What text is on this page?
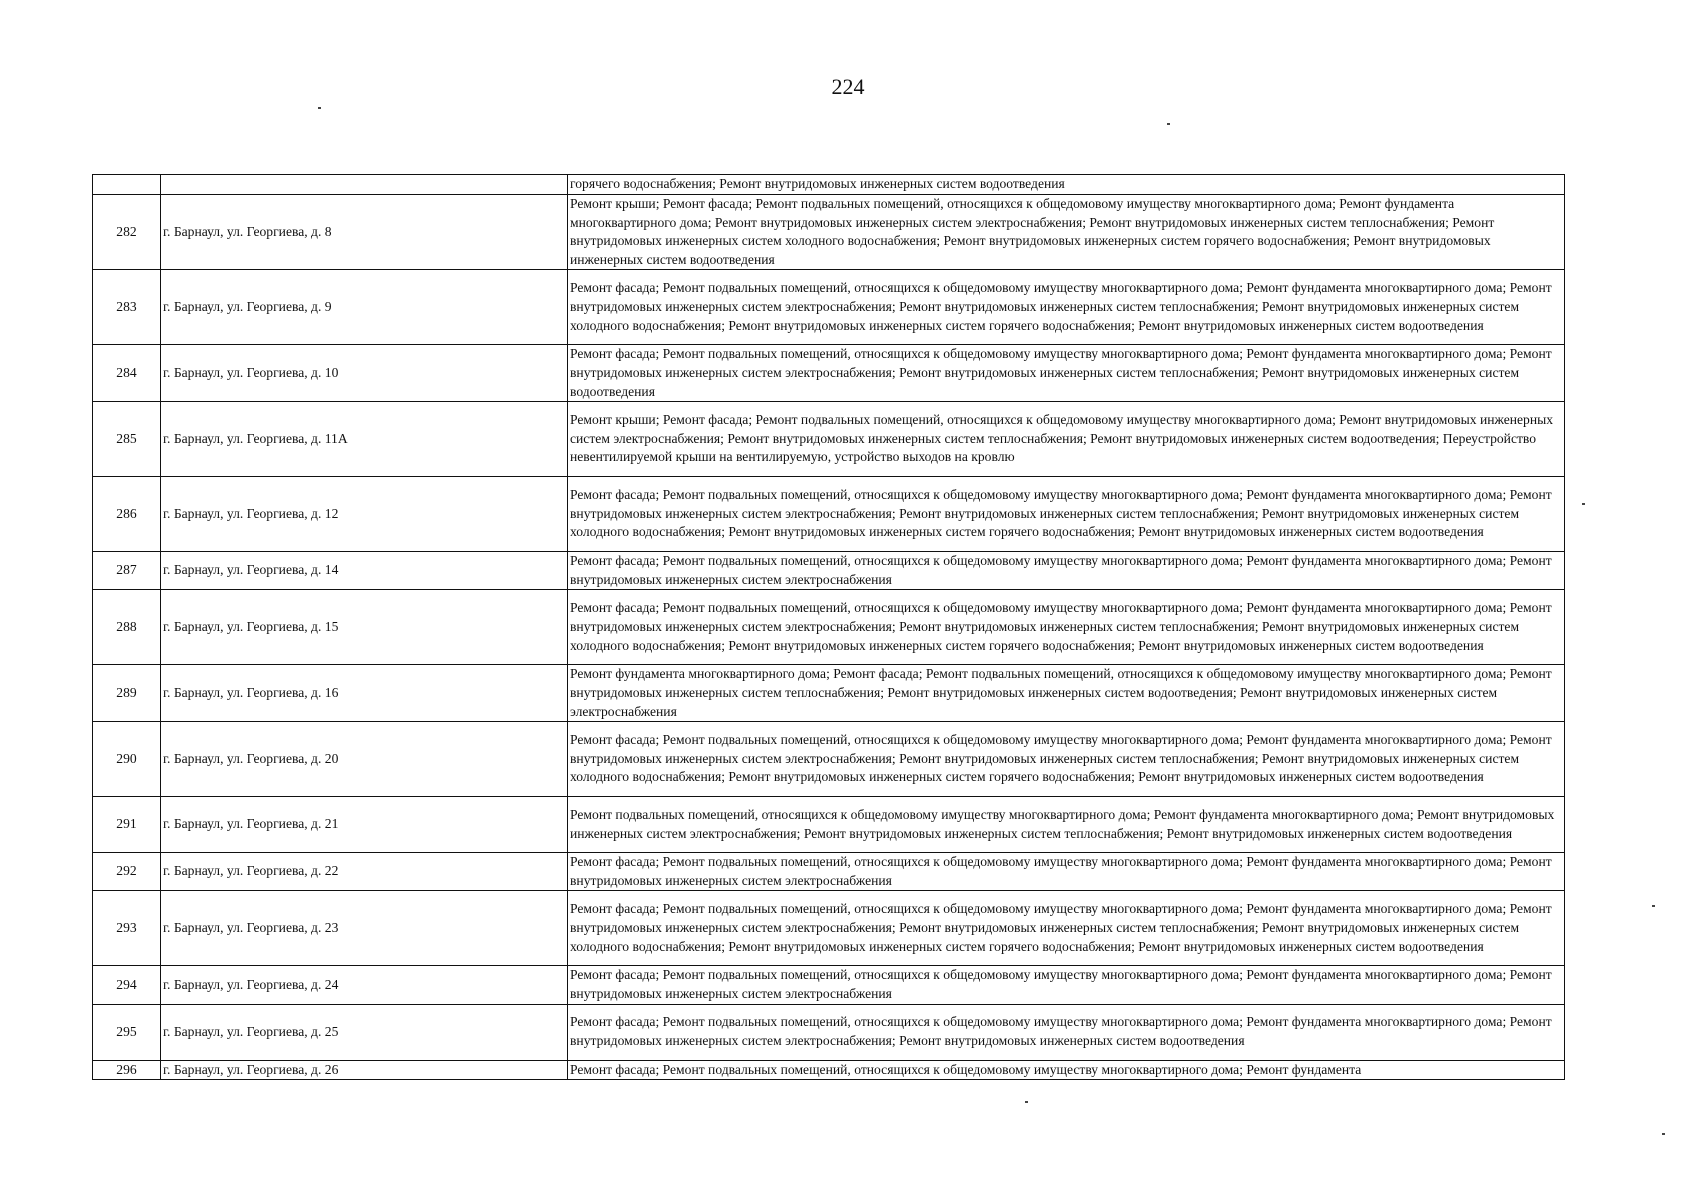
224
		горячего водоснабжения; Ремонт внутридомовых инженерных систем водоотведения
282	г. Барнаул, ул. Георгиева, д. 8	Ремонт крыши; Ремонт фасада; Ремонт подвальных помещений, относящихся к общедомовому имуществу многоквартирного дома; Ремонт фундамента многоквартирного дома; Ремонт внутридомовых инженерных систем электроснабжения; Ремонт внутридомовых инженерных систем теплоснабжения; Ремонт внутридомовых инженерных систем холодного водоснабжения; Ремонт внутридомовых инженерных систем горячего водоснабжения; Ремонт внутридомовых инженерных систем водоотведения
283	г. Барнаул, ул. Георгиева, д. 9	Ремонт фасада; Ремонт подвальных помещений, относящихся к общедомовому имуществу многоквартирного дома; Ремонт фундамента многоквартирного дома; Ремонт внутридомовых инженерных систем электроснабжения; Ремонт внутридомовых инженерных систем теплоснабжения; Ремонт внутридомовых инженерных систем холодного водоснабжения; Ремонт внутридомовых инженерных систем горячего водоснабжения; Ремонт внутридомовых инженерных систем водоотведения
284	г. Барнаул, ул. Георгиева, д. 10	Ремонт фасада; Ремонт подвальных помещений, относящихся к общедомовому имуществу многоквартирного дома; Ремонт фундамента многоквартирного дома; Ремонт внутридомовых инженерных систем электроснабжения; Ремонт внутридомовых инженерных систем теплоснабжения; Ремонт внутридомовых инженерных систем водоотведения
285	г. Барнаул, ул. Георгиева, д. 11А	Ремонт крыши; Ремонт фасада; Ремонт подвальных помещений, относящихся к общедомовому имуществу многоквартирного дома; Ремонт внутридомовых инженерных систем электроснабжения; Ремонт внутридомовых инженерных систем теплоснабжения; Ремонт внутридомовых инженерных систем водоотведения; Переустройство невентилируемой крыши на вентилируемую, устройство выходов на кровлю
286	г. Барнаул, ул. Георгиева, д. 12	Ремонт фасада; Ремонт подвальных помещений, относящихся к общедомовому имуществу многоквартирного дома; Ремонт фундамента многоквартирного дома; Ремонт внутридомовых инженерных систем электроснабжения; Ремонт внутридомовых инженерных систем теплоснабжения; Ремонт внутридомовых инженерных систем холодного водоснабжения; Ремонт внутридомовых инженерных систем горячего водоснабжения; Ремонт внутридомовых инженерных систем водоотведения
287	г. Барнаул, ул. Георгиева, д. 14	Ремонт фасада; Ремонт подвальных помещений, относящихся к общедомовому имуществу многоквартирного дома; Ремонт фундамента многоквартирного дома; Ремонт внутридомовых инженерных систем электроснабжения
288	г. Барнаул, ул. Георгиева, д. 15	Ремонт фасада; Ремонт подвальных помещений, относящихся к общедомовому имуществу многоквартирного дома; Ремонт фундамента многоквартирного дома; Ремонт внутридомовых инженерных систем электроснабжения; Ремонт внутридомовых инженерных систем теплоснабжения; Ремонт внутридомовых инженерных систем холодного водоснабжения; Ремонт внутридомовых инженерных систем горячего водоснабжения; Ремонт внутридомовых инженерных систем водоотведения
289	г. Барнаул, ул. Георгиева, д. 16	Ремонт фундамента многоквартирного дома; Ремонт фасада; Ремонт подвальных помещений, относящихся к общедомовому имуществу многоквартирного дома; Ремонт внутридомовых инженерных систем теплоснабжения; Ремонт внутридомовых инженерных систем водоотведения; Ремонт внутридомовых инженерных систем электроснабжения
290	г. Барнаул, ул. Георгиева, д. 20	Ремонт фасада; Ремонт подвальных помещений, относящихся к общедомовому имуществу многоквартирного дома; Ремонт фундамента многоквартирного дома; Ремонт внутридомовых инженерных систем электроснабжения; Ремонт внутридомовых инженерных систем теплоснабжения; Ремонт внутридомовых инженерных систем холодного водоснабжения; Ремонт внутридомовых инженерных систем горячего водоснабжения; Ремонт внутридомовых инженерных систем водоотведения
291	г. Барнаул, ул. Георгиева, д. 21	Ремонт подвальных помещений, относящихся к общедомовому имуществу многоквартирного дома; Ремонт фундамента многоквартирного дома; Ремонт внутридомовых инженерных систем электроснабжения; Ремонт внутридомовых инженерных систем теплоснабжения; Ремонт внутридомовых инженерных систем водоотведения
292	г. Барнаул, ул. Георгиева, д. 22	Ремонт фасада; Ремонт подвальных помещений, относящихся к общедомовому имуществу многоквартирного дома; Ремонт фундамента многоквартирного дома; Ремонт внутридомовых инженерных систем электроснабжения
293	г. Барнаул, ул. Георгиева, д. 23	Ремонт фасада; Ремонт подвальных помещений, относящихся к общедомовому имуществу многоквартирного дома; Ремонт фундамента многоквартирного дома; Ремонт внутридомовых инженерных систем электроснабжения; Ремонт внутридомовых инженерных систем теплоснабжения; Ремонт внутридомовых инженерных систем холодного водоснабжения; Ремонт внутридомовых инженерных систем горячего водоснабжения; Ремонт внутридомовых инженерных систем водоотведения
294	г. Барнаул, ул. Георгиева, д. 24	Ремонт фасада; Ремонт подвальных помещений, относящихся к общедомовому имуществу многоквартирного дома; Ремонт фундамента многоквартирного дома; Ремонт внутридомовых инженерных систем электроснабжения
295	г. Барнаул, ул. Георгиева, д. 25	Ремонт фасада; Ремонт подвальных помещений, относящихся к общедомовому имуществу многоквартирного дома; Ремонт фундамента многоквартирного дома; Ремонт внутридомовых инженерных систем электроснабжения; Ремонт внутридомовых инженерных систем водоотведения
296	г. Барнаул, ул. Георгиева, д. 26	Ремонт фасада; Ремонт подвальных помещений, относящихся к общедомовому имуществу многоквартирного дома; Ремонт фундамента
